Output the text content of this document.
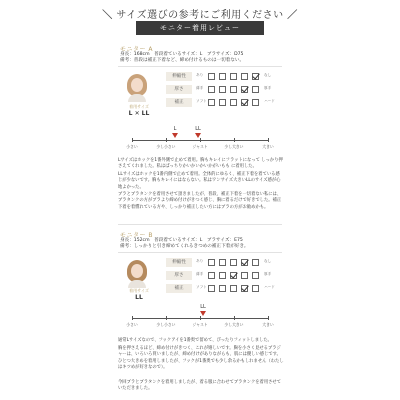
＼ サイズ選びの参考にご利用ください ／
モニター着用レビュー
モニター A
身長：168cm　普段着ているサイズ：L　ブラサイズ：D75
備考：普段は補正下着など、締め付けるものは一切着ない。
着用サイズ
L ✕ LL
伸縮性	あり	なし
厚さ	薄手	厚手
補正	ソフト	ハード
L	LL
小さい	少し小さい	ジャスト	少し大きい	大きい
Lサイズはホックを1番外側で止めて着用。胸もキレイにフラットになって しっかり押さえてくれました。私はぱっちりかいかいかいかがいもも に着用した。
LLサイズはホックを1番内側で止めて着用。全体的にゆるく、補正下着を着ている感じが少ないです。胸もキレイにはならない。私はワンサイズ大きいLLのサイズ感が心地よかった。
ブラとブラタンクを着用させて頂きましたが、普段、補正下着を一切着ない私には、ブラタンクの方がブラより締め付けがきつく感じ、胸に着るだけで好きでした。補正下着を着慣れている方や、しっかり補正したい方にはブラの方がお勧めかも。
モニター B
身長：152cm　普段着ているサイズ：L　ブラサイズ：E75
備考：しっかりと引き締めてくれるきつめの補正下着が好き。
着用サイズ
LL
伸縮性	あり	なし
厚さ	薄手	厚手
補正	ソフト	ハード
LL
小さい	少し小さい	ジャスト	少し大きい	大きい
通常Lサイズなので、フックアイを1番奥で留めて、ぴったりフィットしました。
胸を押さえるほど、締め付けがきつく、これが嬉しいです。胸を小さく見せるブラジャーは、いろいろ買いましたが、締め付けがありながらも、肌には優しい感じです。ひとつ大きめを着用しましたが、フックが1番奥でも少し余るかもしれません（わたしはキツめが好きなので）。
今回ブラとブラタンクを着用しましたが、着る服に合わせてブラタンクを着用させていただきました。
